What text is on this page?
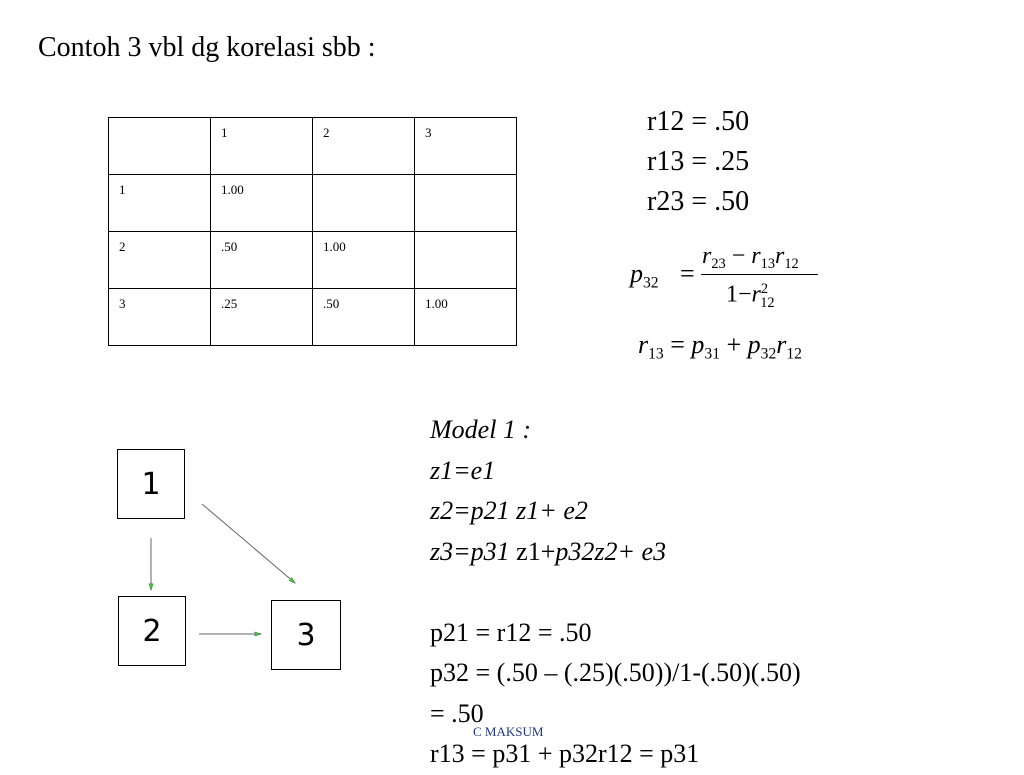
Contoh 3 vbl dg korelasi sbb :
	1	2	3
1	1.00		
2	.50	1.00	
3	.25	.50	1.00
r12 = .50
r13 = .25
r23 = .50
$p_{32}$ =
$r_{23} - r_{13}r_{12}$
$1-r^2_{12}$
$r_{13} = p_{31} + p_{32}r_{12}$
1
2	3
Model 1 :
z1=e1
z2=p21 z1+ e2
z3=p31 z1+p32z2+ e3
p21 = r12 = .50
p32 = (.50 – (.25)(.50))/1-(.50)(.50)
= .50
r13 = p31 + p32r12 = p31
C MAKSUM
